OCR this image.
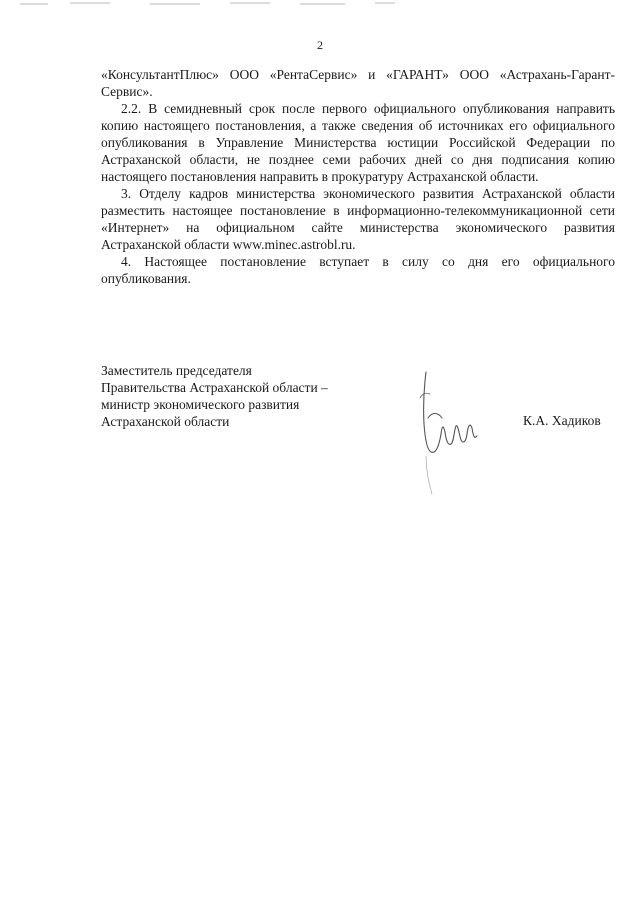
2

«КонсультантПлюс» ООО «РентаСервис» и «ГАРАНТ» ООО «Астрахань-Гарант-Сервис».

2.2. В семидневный срок после первого официального опубликования направить копию настоящего постановления, а также сведения об источниках его официального опубликования в Управление Министерства юстиции Российской Федерации по Астраханской области, не позднее семи рабочих дней со дня подписания копию настоящего постановления направить в прокуратуру Астраханской области.

3. Отделу кадров министерства экономического развития Астраханской области разместить настоящее постановление в информационно-телекоммуникационной сети «Интернет» на официальном сайте министерства экономического развития Астраханской области www.minec.astrobl.ru.

4. Настоящее постановление вступает в силу со дня его официального опубликования.

Заместитель председателя
Правительства Астраханской области –
министр экономического развития
Астраханской области	К.А. Хадиков
